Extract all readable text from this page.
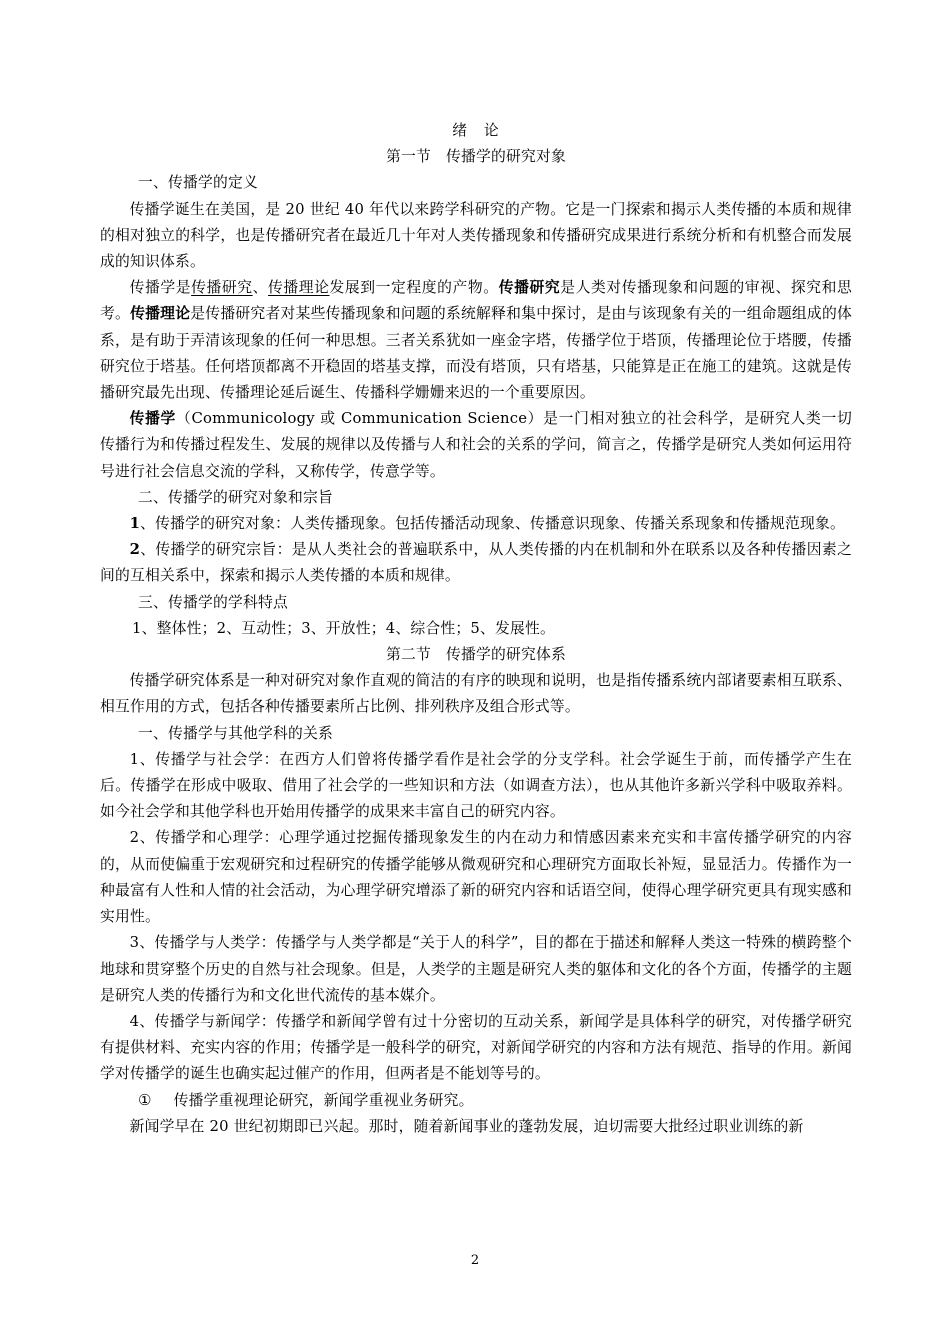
绪　论

第一节　传播学的研究对象

一、传播学的定义

传播学诞生在美国，是 20 世纪 40 年代以来跨学科研究的产物。它是一门探索和揭示人类传播的本质和规律的相对独立的科学，也是传播研究者在最近几十年对人类传播现象和传播研究成果进行系统分析和有机整合而发展成的知识体系。

传播学是传播研究、传播理论发展到一定程度的产物。传播研究是人类对传播现象和问题的审视、探究和思考。传播理论是传播研究者对某些传播现象和问题的系统解释和集中探讨，是由与该现象有关的一组命题组成的体系，是有助于弄清该现象的任何一种思想。三者关系犹如一座金字塔，传播学位于塔顶，传播理论位于塔腰，传播研究位于塔基。任何塔顶都离不开稳固的塔基支撑，而没有塔顶，只有塔基，只能算是正在施工的建筑。这就是传播研究最先出现、传播理论延后诞生、传播科学姗姗来迟的一个重要原因。

传播学（Communicology 或 Communication Science）是一门相对独立的社会科学，是研究人类一切传播行为和传播过程发生、发展的规律以及传播与人和社会的关系的学问，简言之，传播学是研究人类如何运用符号进行社会信息交流的学科，又称传学，传意学等。

二、传播学的研究对象和宗旨

1、传播学的研究对象：人类传播现象。包括传播活动现象、传播意识现象、传播关系现象和传播规范现象。

2、传播学的研究宗旨：是从人类社会的普遍联系中，从人类传播的内在机制和外在联系以及各种传播因素之间的互相关系中，探索和揭示人类传播的本质和规律。

三、传播学的学科特点

1、整体性；2、互动性；3、开放性；4、综合性；5、发展性。

第二节　传播学的研究体系

传播学研究体系是一种对研究对象作直观的简洁的有序的映现和说明，也是指传播系统内部诸要素相互联系、相互作用的方式，包括各种传播要素所占比例、排列秩序及组合形式等。

一、传播学与其他学科的关系

1、传播学与社会学：在西方人们曾将传播学看作是社会学的分支学科。社会学诞生于前，而传播学产生在后。传播学在形成中吸取、借用了社会学的一些知识和方法（如调查方法），也从其他许多新兴学科中吸取养料。如今社会学和其他学科也开始用传播学的成果来丰富自己的研究内容。

2、传播学和心理学：心理学通过挖掘传播现象发生的内在动力和情感因素来充实和丰富传播学研究的内容的，从而使偏重于宏观研究和过程研究的传播学能够从微观研究和心理研究方面取长补短，显显活力。传播作为一种最富有人性和人情的社会活动，为心理学研究增添了新的研究内容和话语空间，使得心理学研究更具有现实感和实用性。

3、传播学与人类学：传播学与人类学都是“关于人的科学”，目的都在于描述和解释人类这一特殊的横跨整个地球和贯穿整个历史的自然与社会现象。但是，人类学的主题是研究人类的躯体和文化的各个方面，传播学的主题是研究人类的传播行为和文化世代流传的基本媒介。

4、传播学与新闻学：传播学和新闻学曾有过十分密切的互动关系，新闻学是具体科学的研究，对传播学研究有提供材料、充实内容的作用；传播学是一般科学的研究，对新闻学研究的内容和方法有规范、指导的作用。新闻学对传播学的诞生也确实起过催产的作用，但两者是不能划等号的。

① 传播学重视理论研究，新闻学重视业务研究。

新闻学早在 20 世纪初期即已兴起。那时，随着新闻事业的蓬勃发展，迫切需要大批经过职业训练的新

2
